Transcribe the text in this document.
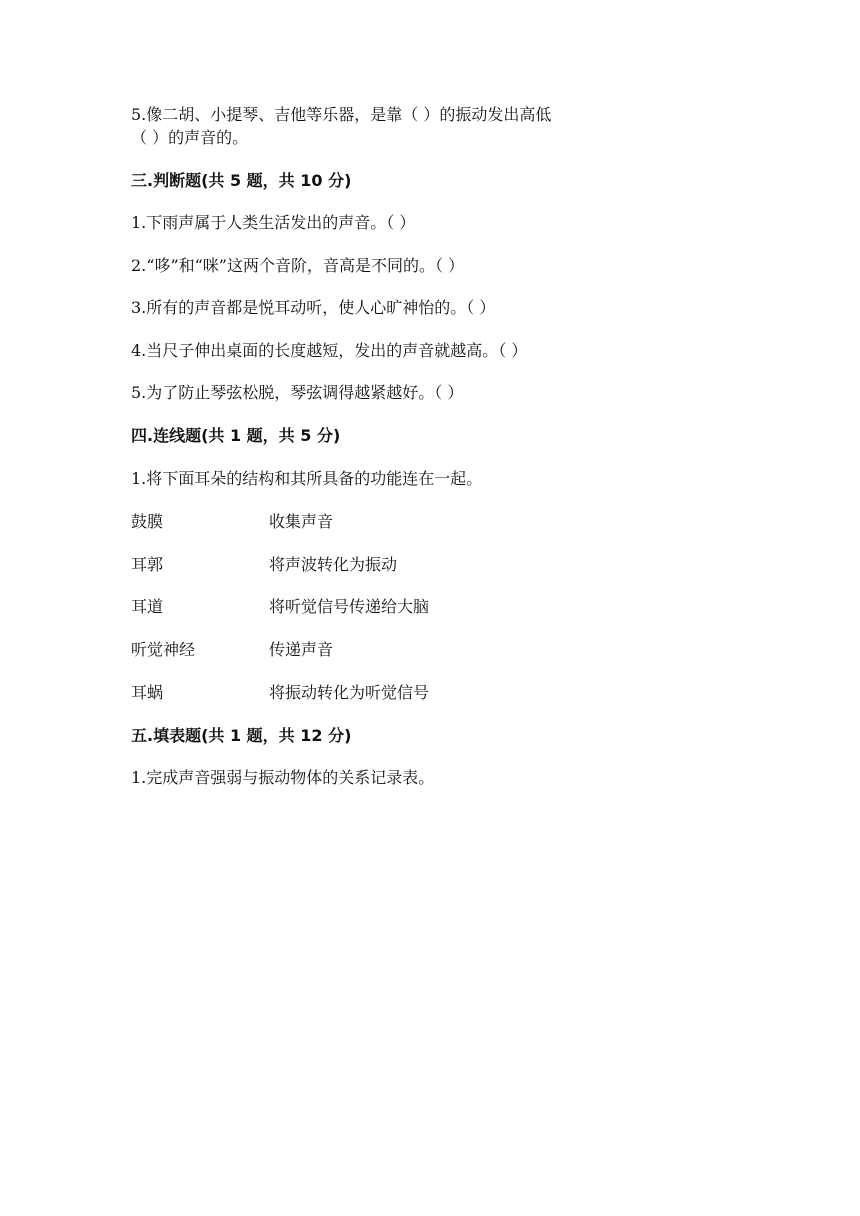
5.像二胡、小提琴、吉他等乐器，是靠（ ）的振动发出高低
（ ）的声音的。
三.判断题(共 5 题，共 10 分)
1.下雨声属于人类生活发出的声音。（ ）
2.“哆”和“咪”这两个音阶，音高是不同的。（ ）
3.所有的声音都是悦耳动听，使人心旷神怡的。（ ）
4.当尺子伸出桌面的长度越短，发出的声音就越高。（ ）
5.为了防止琴弦松脱，琴弦调得越紧越好。（ ）
四.连线题(共 1 题，共 5 分)
1.将下面耳朵的结构和其所具备的功能连在一起。
鼓膜	收集声音
耳郭	将声波转化为振动
耳道	将听觉信号传递给大脑
听觉神经	传递声音
耳蜗	将振动转化为听觉信号
五.填表题(共 1 题，共 12 分)
1.完成声音强弱与振动物体的关系记录表。
